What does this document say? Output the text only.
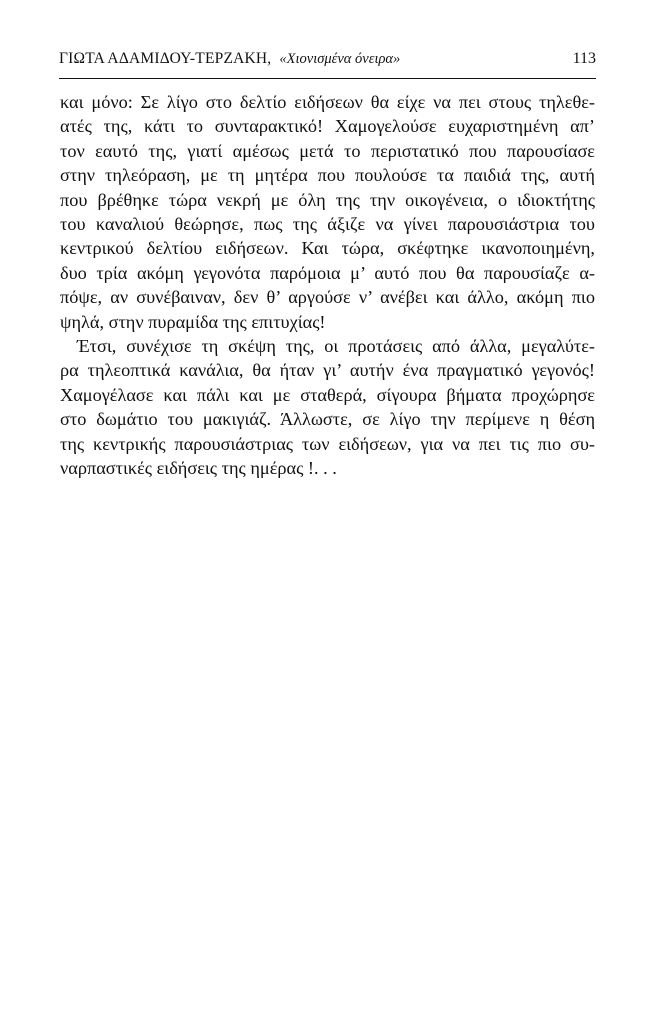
ΓΙΩΤΑ ΑΔΑΜΙΔΟΥ-ΤΕΡΖΑΚΗ, «Χιονισμένα όνειρα»	113

και μόνο: Σε λίγο στο δελτίο ειδήσεων θα είχε να πει στους τηλεθε-
ατές της, κάτι το συνταρακτικό! Χαμογελούσε ευχαριστημένη απ’
τον εαυτό της, γιατί αμέσως μετά το περιστατικό που παρουσίασε
στην τηλεόραση, με τη μητέρα που πουλούσε τα παιδιά της, αυτή
που βρέθηκε τώρα νεκρή με όλη της την οικογένεια, ο ιδιοκτήτης
του καναλιού θεώρησε, πως της άξιζε να γίνει παρουσιάστρια του
κεντρικού δελτίου ειδήσεων. Και τώρα, σκέφτηκε ικανοποιημένη,
δυο τρία ακόμη γεγονότα παρόμοια μ’ αυτό που θα παρουσίαζε α-
πόψε, αν συνέβαιναν, δεν θ’ αργούσε ν’ ανέβει και άλλο, ακόμη πιο
ψηλά, στην πυραμίδα της επιτυχίας!

Έτσι, συνέχισε τη σκέψη της, οι προτάσεις από άλλα, μεγαλύτε-
ρα τηλεοπτικά κανάλια, θα ήταν γι’ αυτήν ένα πραγματικό γεγονός!
Χαμογέλασε και πάλι και με σταθερά, σίγουρα βήματα προχώρησε
στο δωμάτιο του μακιγιάζ. Άλλωστε, σε λίγο την περίμενε η θέση
της κεντρικής παρουσιάστριας των ειδήσεων, για να πει τις πιο συ-
ναρπαστικές ειδήσεις της ημέρας !. . .
